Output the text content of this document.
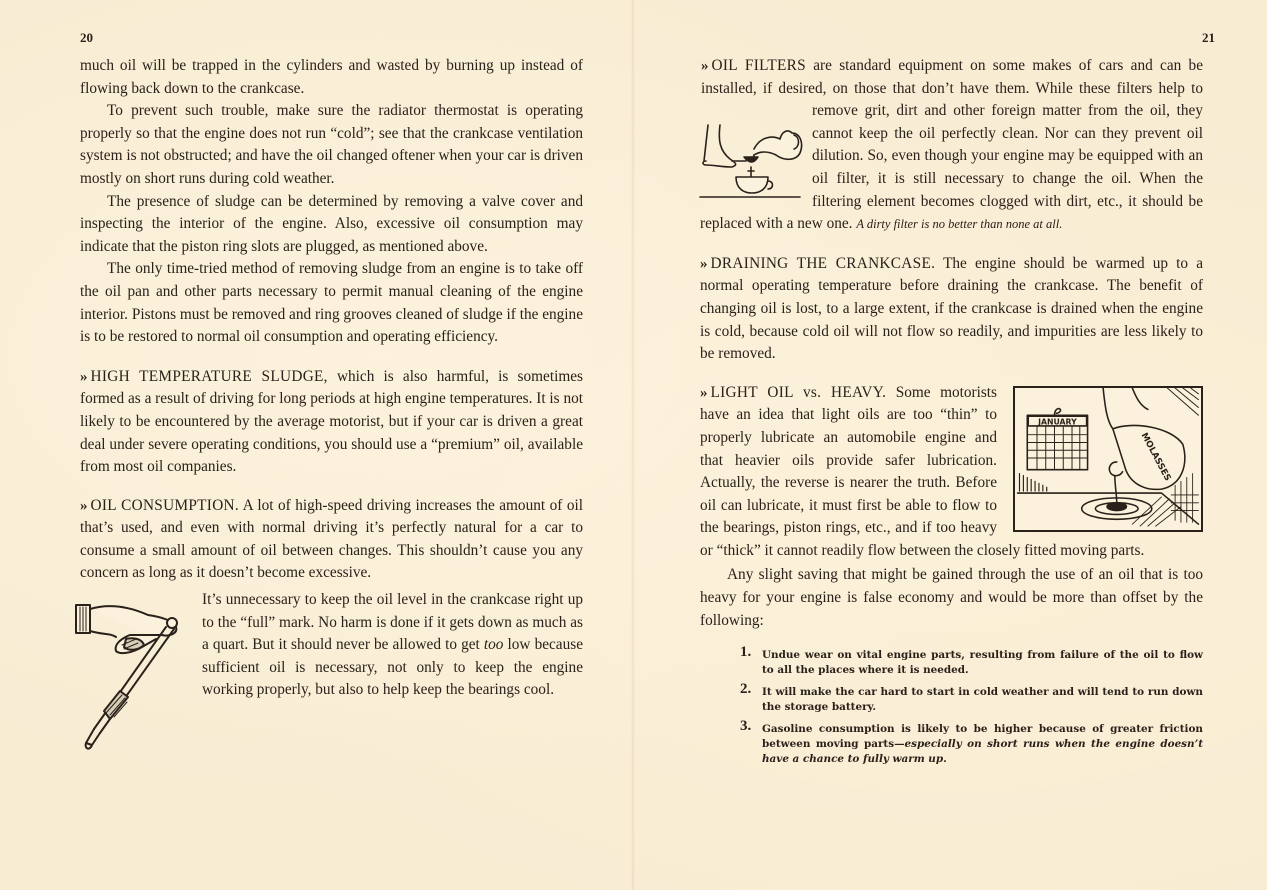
20

much oil will be trapped in the cylinders and wasted by burning up instead of flowing back down to the crankcase.

To prevent such trouble, make sure the radiator thermostat is operating properly so that the engine does not run “cold”; see that the crankcase ventilation system is not obstructed; and have the oil changed oftener when your car is driven mostly on short runs during cold weather.

The presence of sludge can be determined by removing a valve cover and inspecting the interior of the engine. Also, excessive oil consumption may indicate that the piston ring slots are plugged, as mentioned above.

The only time-tried method of removing sludge from an engine is to take off the oil pan and other parts necessary to permit manual cleaning of the engine interior. Pistons must be removed and ring grooves cleaned of sludge if the engine is to be restored to normal oil consumption and operating efficiency.

» HIGH TEMPERATURE SLUDGE, which is also harmful, is sometimes formed as a result of driving for long periods at high engine temperatures. It is not likely to be encountered by the average motorist, but if your car is driven a great deal under severe operating conditions, you should use a “premium” oil, available from most oil companies.

» OIL CONSUMPTION. A lot of high-speed driving increases the amount of oil that’s used, and even with normal driving it’s perfectly natural for a car to consume a small amount of oil between changes. This shouldn’t cause you any concern as long as it doesn’t become excessive.

It’s unnecessary to keep the oil level in the crankcase right up to the “full” mark. No harm is done if it gets down as much as a quart. But it should never be allowed to get too low because sufficient oil is necessary, not only to keep the engine working properly, but also to help keep the bearings cool.

21

» OIL FILTERS are standard equipment on some makes of cars and can be installed, if desired, on those that don’t have them. While these filters help to remove grit, dirt and other foreign matter from the oil, they cannot keep the oil perfectly clean. Nor can they prevent oil dilution. So, even though your engine may be equipped with an oil filter, it is still necessary to change the oil. When the filtering element becomes clogged with dirt, etc., it should be replaced with a new one. A dirty filter is no better than none at all.

» DRAINING THE CRANKCASE. The engine should be warmed up to a normal operating temperature before draining the crankcase. The benefit of changing oil is lost, to a large extent, if the crankcase is drained when the engine is cold, because cold oil will not flow so readily, and impurities are less likely to be removed.

JANUARY
MOLASSES

» LIGHT OIL vs. HEAVY. Some motorists have an idea that light oils are too “thin” to properly lubricate an automobile engine and that heavier oils provide safer lubrication. Actually, the reverse is nearer the truth. Before oil can lubricate, it must first be able to flow to the bearings, piston rings, etc., and if too heavy or “thick” it cannot readily flow between the closely fitted moving parts.

Any slight saving that might be gained through the use of an oil that is too heavy for your engine is false economy and would be more than offset by the following:

1. Undue wear on vital engine parts, resulting from failure of the oil to flow to all the places where it is needed.
2. It will make the car hard to start in cold weather and will tend to run down the storage battery.
3. Gasoline consumption is likely to be higher because of greater friction between moving parts—especially on short runs when the engine doesn’t have a chance to fully warm up.
